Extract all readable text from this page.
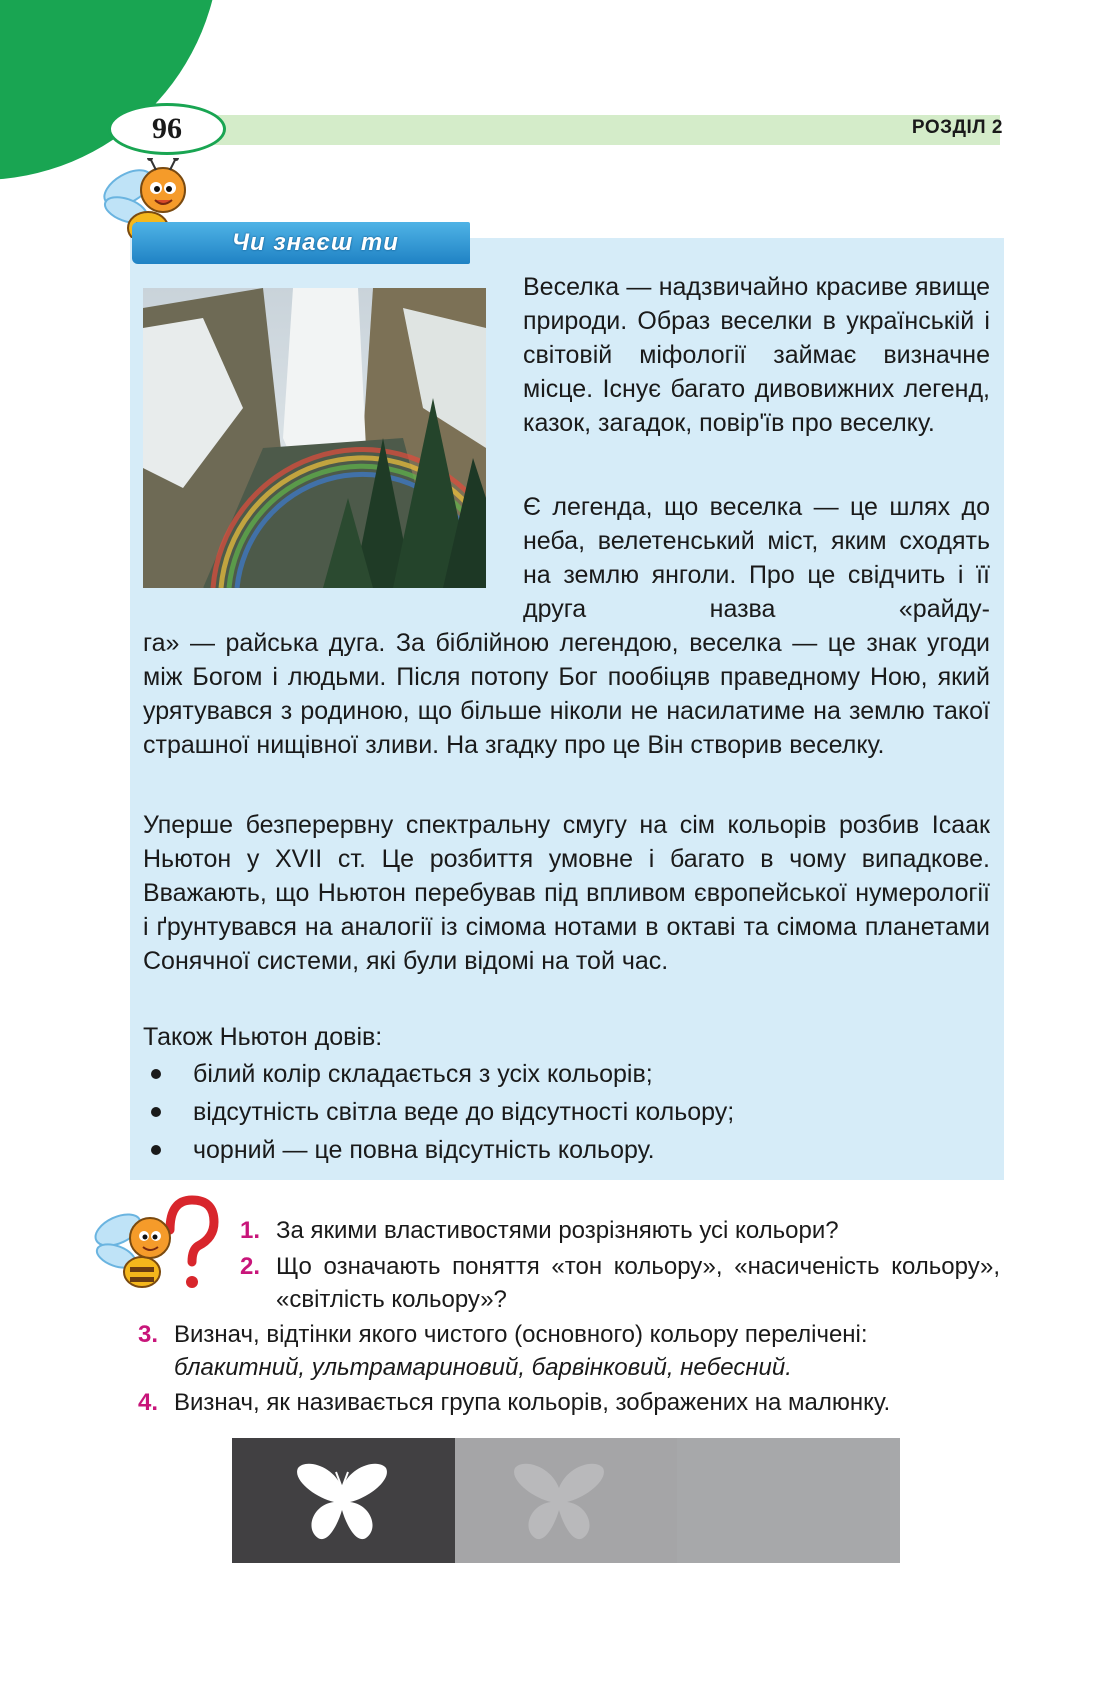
96	РОЗДІЛ 2
Чи знаєш ти

Веселка — надзвичайно красиве явище природи. Образ веселки в українській і світовій міфології займає визначне місце. Існує багато дивовижних легенд, казок, загадок, повір'їв про веселку.

Є легенда, що веселка — це шлях до неба, велетенський міст, яким сходять на землю янголи. Про це свідчить і її друга назва «райду-

га» — райська дуга. За біблійною легендою, веселка — це знак угоди між Богом і людьми. Після потопу Бог пообіцяв праведному Ною, який урятувався з родиною, що більше ніколи не насилатиме на землю такої страшної нищівної зливи. На згадку про це Він створив веселку.

Уперше безперервну спектральну смугу на сім кольорів розбив Ісаак Ньютон у XVII ст. Це розбиття умовне і багато в чому випадкове. Вважають, що Ньютон перебував під впливом європейської нумерології і ґрунтувався на аналогії із сімома нотами в октаві та сімома планетами Сонячної системи, які були відомі на той час.

Також Ньютон довів:

білий колір складається з усіх кольорів;
відсутність світла веде до відсутності кольору;
чорний — це повна відсутність кольору.
1. За якими властивостями розрізняють усі кольори?
2. Що означають поняття «тон кольору», «насиченість кольору», «світлість кольору»?
3. Визнач, відтінки якого чистого (основного) кольору перелічені:
блакитний, ультрамариновий, барвінковий, небесний.
4. Визнач, як називається група кольорів, зображених на малюнку.
